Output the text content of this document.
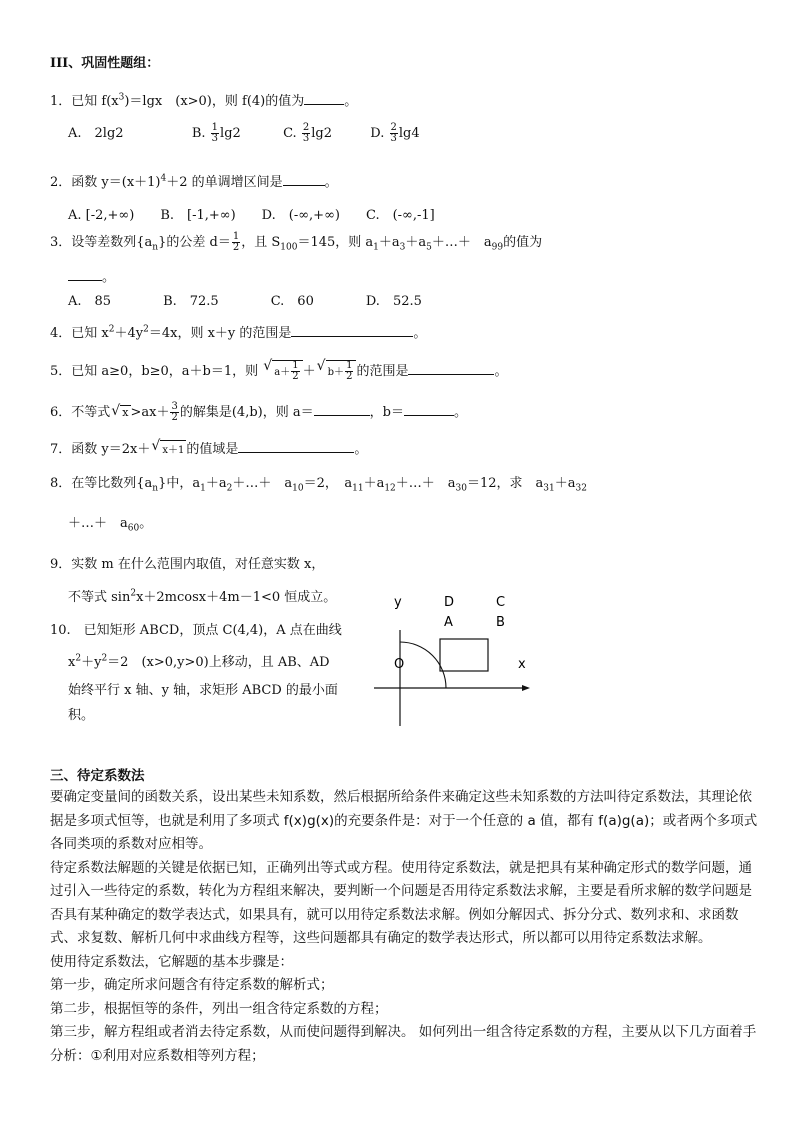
III、巩固性题组：
1．已知 $f(x^3)=\lg x$　(x>0)，则 f(4)的值为	。
A.　2lg2	B. $\frac{1}{3} \lg 2$	C. $\frac{2}{3} \lg 2$	D. $\frac{2}{3} \lg 4$
2．函数 $y=(x+1)^4+2$ 的单调增区间是	。
A. [-2,+∞)　　B.　[-1,+∞)　　D.　(-∞,+∞)　　C.　(-∞,-1]
3．设等差数列$\{a_n\}$的公差 $d= \frac{1}{2}$ ，且 $S_{100}=145$，则 $a_1+a_3+a_5+\dots+$　$a_{99}$的值为
。
A.　85　　　　B.　72.5　　　　C.　60　　　　D.　52.5
4．已知 $x^2+4y^2=4x$，则 x＋y 的范围是	。
5．已知 a≥0，b≥0，a＋b＝1，则 √ $a+ \frac{1}{2}$ ＋ √ $b+ \frac{1}{2}$ 的范围是	。
6．不等式 √ $x >ax+ \frac{3}{2}$ 的解集是(4,b)，则 a＝	，b＝	。
7．函数 y＝2x＋ √ x＋1 的值域是	。
8．在等比数列$\{a_n\}$中，$a_1+a_2+\dots+$　$a_{10}=2$，　$a_{11}+a_{12}+\dots+$　$a_{30}=12$，求　$a_{31}+a_{32}$
＋…＋　$a_{60}$。
9．实数 m 在什么范围内取值，对任意实数 x，
不等式 $\sin^2x+2mcosx+4m-1<0$ 恒成立。
10.　已知矩形 ABCD，顶点 C(4,4)，A 点在曲线
$x^2+y^2=2$　(x>0,y>0)上移动，且 AB、AD
始终平行 x 轴、y 轴，求矩形 ABCD 的最小面
积。
y	D	C
A	B
O	x
三、待定系数法

要确定变量间的函数关系，设出某些未知系数，然后根据所给条件来确定这些未知系数的方法叫待定系数法，其理论依据是多项式恒等，也就是利用了多项式 f(x)g(x)的充要条件是：对于一个任意的 a 值，都有 f(a)g(a)；或者两个多项式各同类项的系数对应相等。

待定系数法解题的关键是依据已知，正确列出等式或方程。使用待定系数法，就是把具有某种确定形式的数学问题，通过引入一些待定的系数，转化为方程组来解决，要判断一个问题是否用待定系数法求解，主要是看所求解的数学问题是否具有某种确定的数学表达式，如果具有，就可以用待定系数法求解。例如分解因式、拆分分式、数列求和、求函数式、求复数、解析几何中求曲线方程等，这些问题都具有确定的数学表达形式，所以都可以用待定系数法求解。

使用待定系数法，它解题的基本步骤是：

第一步，确定所求问题含有待定系数的解析式；

第二步，根据恒等的条件，列出一组含待定系数的方程；

第三步，解方程组或者消去待定系数，从而使问题得到解决。 如何列出一组含待定系数的方程，主要从以下几方面着手分析：①利用对应系数相等列方程；
